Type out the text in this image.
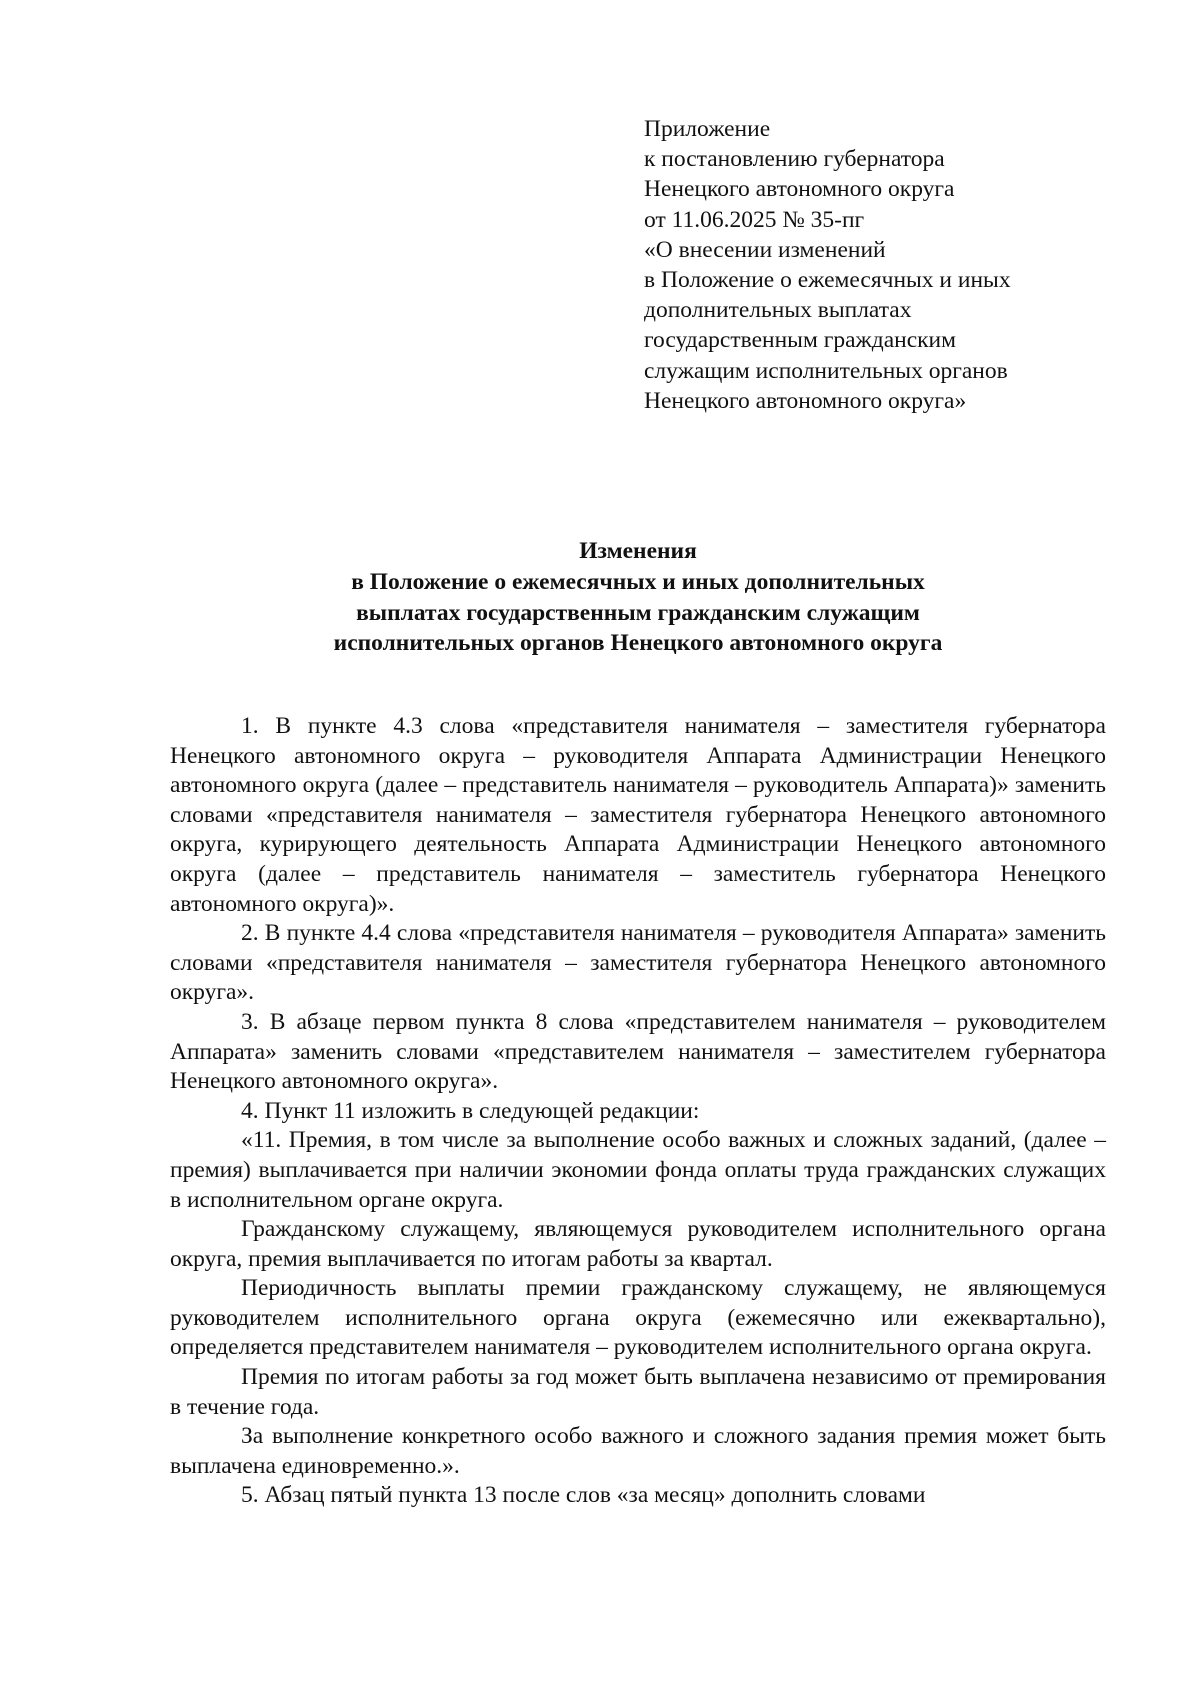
Приложение
к постановлению губернатора
Ненецкого автономного округа
от 11.06.2025 № 35-пг
«О внесении изменений
в Положение о ежемесячных и иных
дополнительных выплатах
государственным гражданским
служащим исполнительных органов
Ненецкого автономного округа»
Изменения
в Положение о ежемесячных и иных дополнительных
выплатах государственным гражданским служащим
исполнительных органов Ненецкого автономного округа

1. В пункте 4.3 слова «представителя нанимателя – заместителя губернатора Ненецкого автономного округа – руководителя Аппарата Администрации Ненецкого автономного округа (далее – представитель нанимателя – руководитель Аппарата)» заменить словами «представителя нанимателя – заместителя губернатора Ненецкого автономного округа, курирующего деятельность Аппарата Администрации Ненецкого автономного округа (далее – представитель нанимателя – заместитель губернатора Ненецкого автономного округа)».

2. В пункте 4.4 слова «представителя нанимателя – руководителя Аппарата» заменить словами «представителя нанимателя – заместителя губернатора Ненецкого автономного округа».

3. В абзаце первом пункта 8 слова «представителем нанимателя – руководителем Аппарата» заменить словами «представителем нанимателя – заместителем губернатора Ненецкого автономного округа».

4. Пункт 11 изложить в следующей редакции:

«11. Премия, в том числе за выполнение особо важных и сложных заданий, (далее – премия) выплачивается при наличии экономии фонда оплаты труда гражданских служащих в исполнительном органе округа.

Гражданскому служащему, являющемуся руководителем исполнительного органа округа, премия выплачивается по итогам работы за квартал.

Периодичность выплаты премии гражданскому служащему, не являющемуся руководителем исполнительного органа округа (ежемесячно или ежеквартально), определяется представителем нанимателя – руководителем исполнительного органа округа.

Премия по итогам работы за год может быть выплачена независимо от премирования в течение года.

За выполнение конкретного особо важного и сложного задания премия может быть выплачена единовременно.».

5. Абзац пятый пункта 13 после слов «за месяц» дополнить словами
